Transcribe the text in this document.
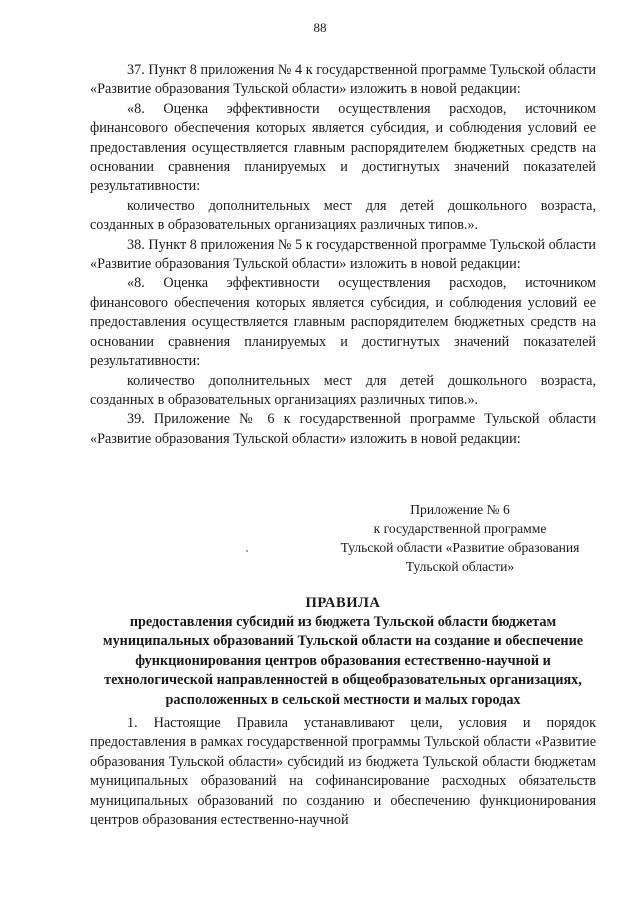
88

37. Пункт 8 приложения № 4 к государственной программе Тульской области «Развитие образования Тульской области» изложить в новой редакции:

«8. Оценка эффективности осуществления расходов, источником финансового обеспечения которых является субсидия, и соблюдения условий ее предоставления осуществляется главным распорядителем бюджетных средств на основании сравнения планируемых и достигнутых значений показателей результативности:

количество дополнительных мест для детей дошкольного возраста, созданных в образовательных организациях различных типов.».

38. Пункт 8 приложения № 5 к государственной программе Тульской области «Развитие образования Тульской области» изложить в новой редакции:

«8. Оценка эффективности осуществления расходов, источником финансового обеспечения которых является субсидия, и соблюдения условий ее предоставления осуществляется главным распорядителем бюджетных средств на основании сравнения планируемых и достигнутых значений показателей результативности:

количество дополнительных мест для детей дошкольного возраста, созданных в образовательных организациях различных типов.».

39. Приложение № 6 к государственной программе Тульской области «Развитие образования Тульской области» изложить в новой редакции:

Приложение № 6
к государственной программе
Тульской области «Развитие образования
Тульской области»
ПРАВИЛА

предоставления субсидий из бюджета Тульской области бюджетам муниципальных образований Тульской области на создание и обеспечение функционирования центров образования естественно-научной и технологической направленностей в общеобразовательных организациях, расположенных в сельской местности и малых городах

1. Настоящие Правила устанавливают цели, условия и порядок предоставления в рамках государственной программы Тульской области «Развитие образования Тульской области» субсидий из бюджета Тульской области бюджетам муниципальных образований на софинансирование расходных обязательств муниципальных образований по созданию и обеспечению функционирования центров образования естественно-научной
